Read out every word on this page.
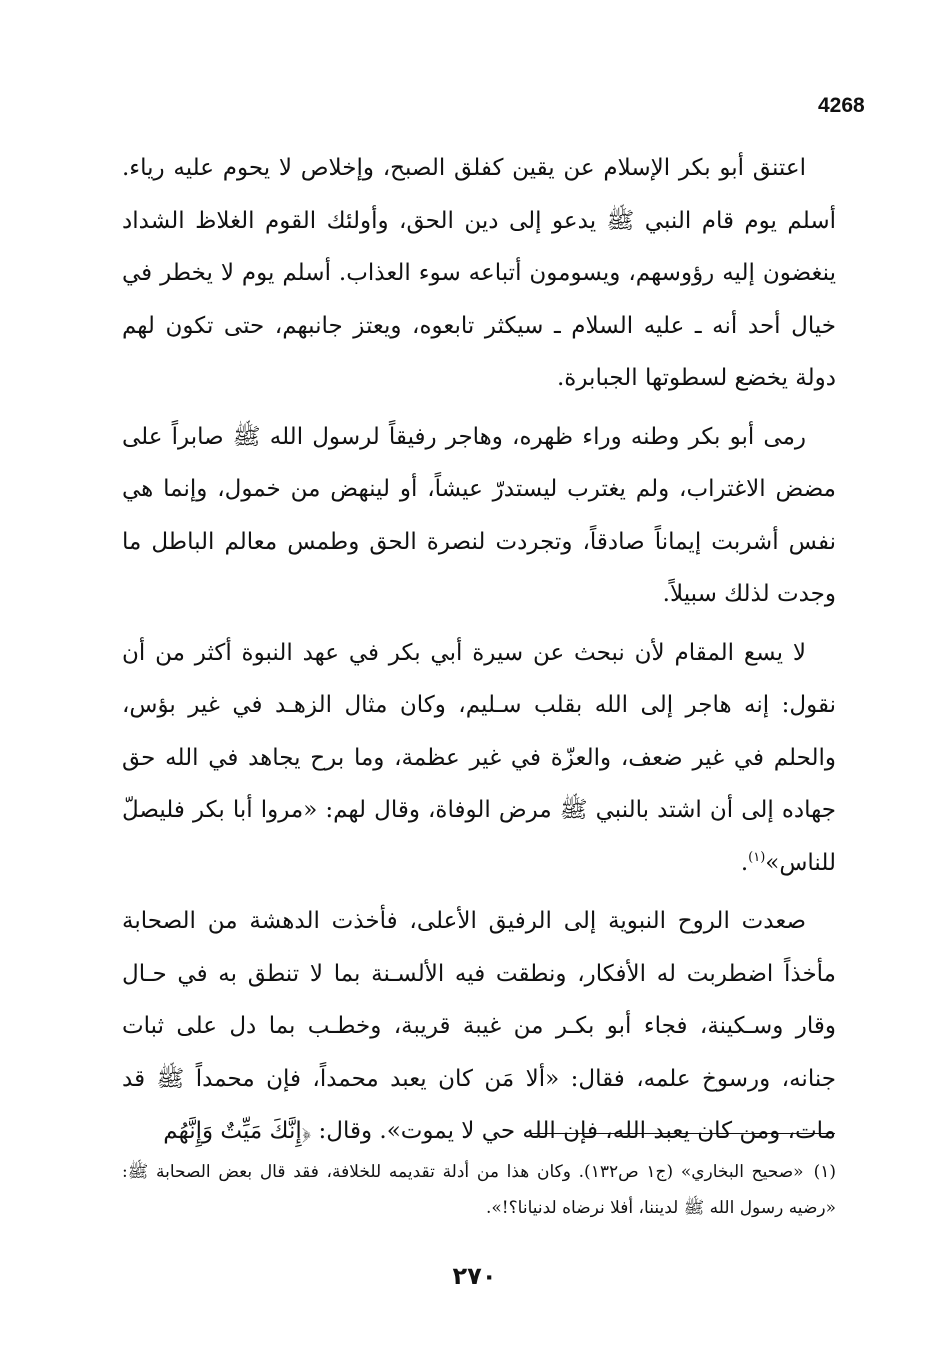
4268

اعتنق أبو بكر الإسلام عن يقين كفلق الصبح، وإخلاص لا يحوم عليه رياء. أسلم يوم قام النبي ﷺ يدعو إلى دين الحق، وأولئك القوم الغلاظ الشداد ينغضون إليه رؤوسهم، ويسومون أتباعه سوء العذاب. أسلم يوم لا يخطر في خيال أحد أنه ـ عليه السلام ـ سيكثر تابعوه، ويعتز جانبهم، حتى تكون لهم دولة يخضع لسطوتها الجبابرة.

رمى أبو بكر وطنه وراء ظهره، وهاجر رفيقاً لرسول الله ﷺ صابراً على مضض الاغتراب، ولم يغترب ليستدرّ عيشاً، أو لينهض من خمول، وإنما هي نفس أشربت إيماناً صادقاً، وتجردت لنصرة الحق وطمس معالم الباطل ما وجدت لذلك سبيلاً.

لا يسع المقام لأن نبحث عن سيرة أبي بكر في عهد النبوة أكثر من أن نقول: إنه هاجر إلى الله بقلب سـليم، وكان مثال الزهـد في غير بؤس، والحلم في غير ضعف، والعزّة في غير عظمة، وما برح يجاهد في الله حق جهاده إلى أن اشتد بالنبي ﷺ مرض الوفاة، وقال لهم: «مروا أبا بكر فليصلّ للناس»$^{(١)}$.

صعدت الروح النبوية إلى الرفيق الأعلى، فأخذت الدهشة من الصحابة مأخذاً اضطربت له الأفكار، ونطقت فيه الألسـنة بما لا تنطق به في حـال وقار وسـكينة، فجاء أبو بكـر من غيبة قريبة، وخطـب بما دل على ثبات جنانه، ورسوخ علمه، فقال: «ألا مَن كان يعبد محمداً، فإن محمداً ﷺ قد مات، ومن كان يعبد الله، فإن الله حي لا يموت». وقال: ﴿إِنَّكَ مَيِّتٌ وَإِنَّهُم

(١)«صحيح البخاري» (ج١ ص١٣٢). وكان هذا من أدلة تقديمه للخلافة، فقد قال بعض الصحابة ﷺ: «رضيه رسول الله ﷺ لديننا، أفلا نرضاه لدنيانا؟!».
٢٧٠
